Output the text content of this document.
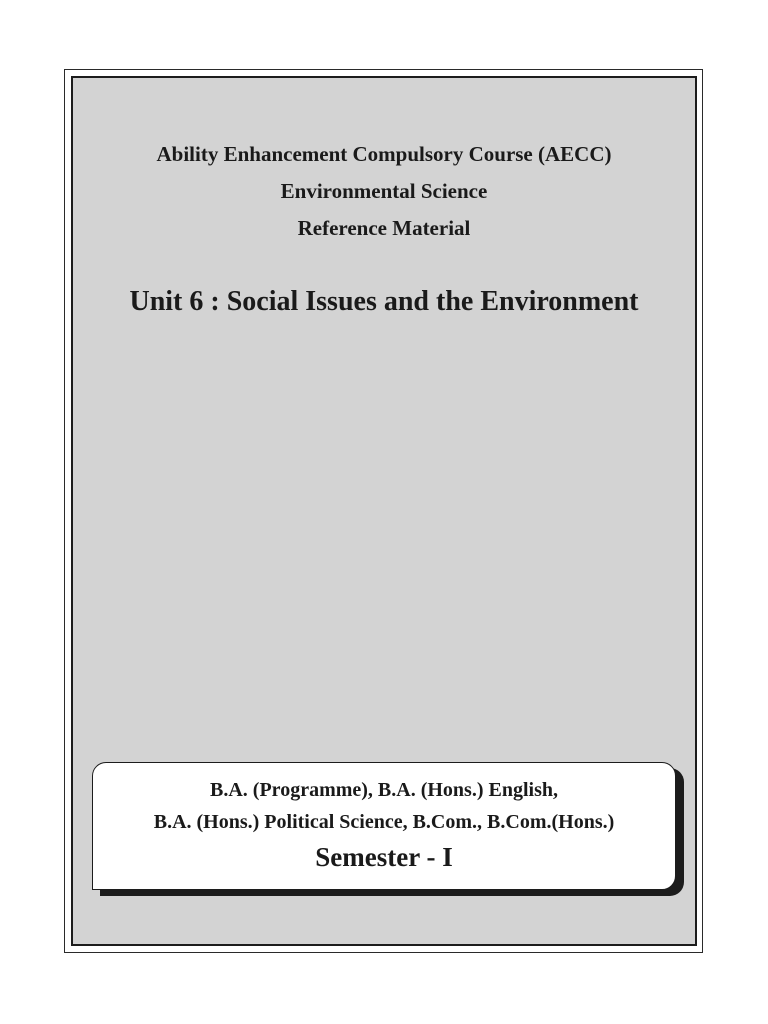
Ability Enhancement Compulsory Course (AECC)
Environmental Science
Reference Material
Unit 6 : Social Issues and the Environment
B.A. (Programme), B.A. (Hons.) English,
B.A. (Hons.) Political Science, B.Com., B.Com.(Hons.)
Semester - I
